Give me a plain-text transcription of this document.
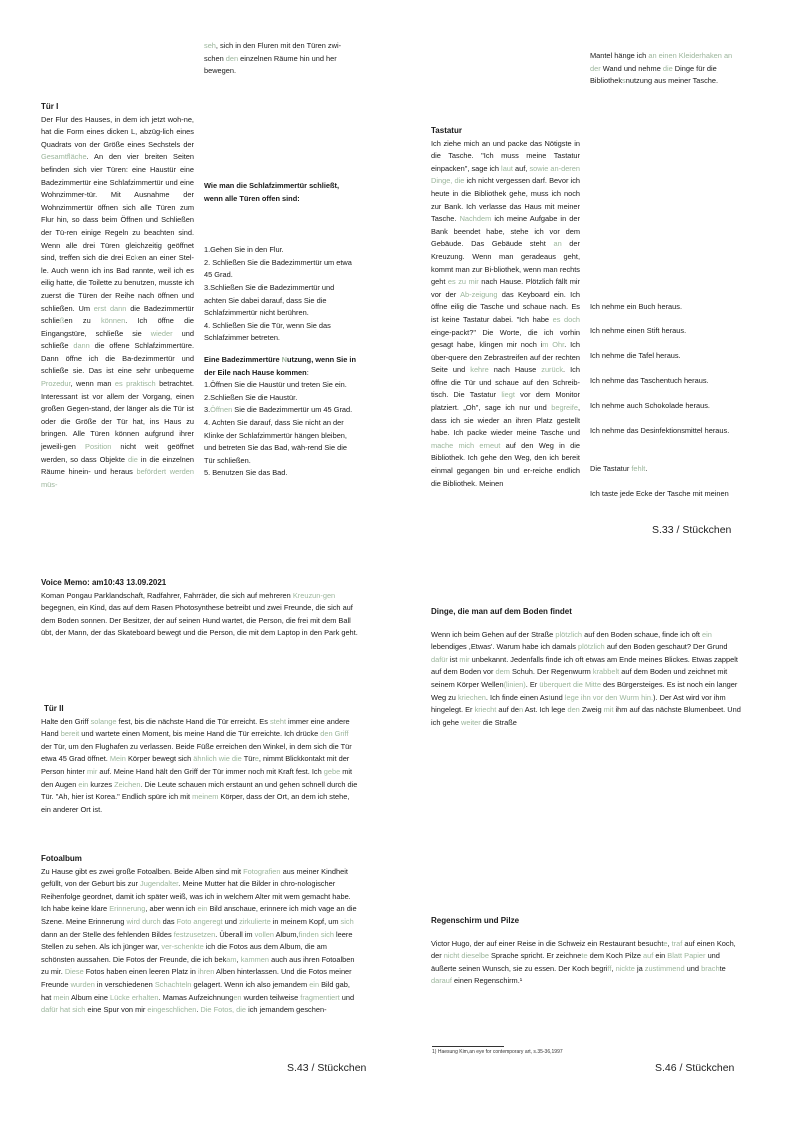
seh, sich in den Fluren mit den Türen zwi-schen den einzelnen Räume hin und her bewegen.
Tür I

Der Flur des Hauses, in dem ich jetzt woh-ne, hat die Form eines dicken L, abzüg-lich eines Quadrats von der Größe eines Sechstels der Gesamtfläche. An den vier breiten Seiten befinden sich vier Türen: eine Haustür eine Badezimmertür eine Schlafzimmertür und eine Wohnzimmer-tür. Mit Ausnahme der Wohnzimmertür öffnen sich alle Türen zum Flur hin, so dass beim Öffnen und Schließen der Tü-ren einige Regeln zu beachten sind. Wenn alle drei Türen gleichzeitig geöffnet sind, treffen sich die drei Ecken an einer Stel-le. Auch wenn ich ins Bad rannte, weil ich es eilig hatte, die Toilette zu benutzen, musste ich zuerst die Türen der Reihe nach öffnen und schließen. Um erst dann die Badezimmertür schließen zu können. Ich öffne die Eingangstüre, schließe sie wieder und schließe dann die offene Schlafzimmertüre. Dann öffne ich die Ba-dezimmertür und schließe sie. Das ist eine sehr unbequeme Prozedur, wenn man es praktisch betrachtet. Interessant ist vor allem der Vorgang, einen großen Gegen-stand, der länger als die Tür ist oder die Größe der Tür hat, ins Haus zu bringen. Alle Türen können aufgrund ihrer jeweili-gen Position nicht weit geöffnet werden, so dass Objekte die in die einzelnen Räume hinein- und heraus befördert werden müs-

Wie man die Schlafzimmertür schließt, wenn alle Türen offen sind:

1.Gehen Sie in den Flur.
2. Schließen Sie die Badezimmertür um etwa 45 Grad.
3.Schließen Sie die Badezimmertür und achten Sie dabei darauf, dass Sie die Schlafzimmertür nicht berühren.
4. Schließen Sie die Tür, wenn Sie das Schlafzimmer betreten.

Eine Badezimmertüre Nutzung, wenn Sie in der Eile nach Hause kommen:

1.Öffnen Sie die Haustür und treten Sie ein.
2.Schließen Sie die Haustür.
3.Öffnen Sie die Badezimmertür um 45 Grad.
4. Achten Sie darauf, dass Sie nicht an der Klinke der Schlafzimmertür hängen bleiben, und betreten Sie das Bad, wäh-rend Sie die Tür schließen.
5. Benutzen Sie das Bad.
Mantel hänge ich an einen Kleiderhaken an der Wand und nehme die Dinge für die Bibliotheksnutzung aus meiner Tasche.
Tastatur

Ich ziehe mich an und packe das Nötigste in die Tasche. "Ich muss meine Tastatur einpacken", sage ich laut auf, sowie an-deren Dinge, die ich nicht vergessen darf. Bevor ich heute in die Bibliothek gehe, muss ich noch zur Bank. Ich verlasse das Haus mit meiner Tasche. Nachdem ich meine Aufgabe in der Bank beendet habe, stehe ich vor dem Gebäude. Das Gebäude steht an der Kreuzung. Wenn man geradeaus geht, kommt man zur Bi-bliothek, wenn man rechts geht es zu mir nach Hause. Plötzlich fällt mir vor der Ab-zeigung das Keyboard ein. Ich öffne eilig die Tasche und schaue nach. Es ist keine Tastatur dabei. "Ich habe es doch einge-packt?" Die Worte, die ich vorhin gesagt habe, klingen mir noch im Ohr. Ich über-quere den Zebrastreifen auf der rechten Seite und kehre nach Hause zurück. Ich öffne die Tür und schaue auf den Schreib-tisch. Die Tastatur liegt vor dem Monitor platziert. „Oh", sage ich nur und begreife, dass ich sie wieder an ihren Platz gestellt habe. Ich packe wieder meine Tasche und mache mich erneut auf den Weg in die Bibliothek. Ich gehe den Weg, den ich bereit einmal gegangen bin und er-reiche endlich die Bibliothek. Meinen

Ich nehme ein Buch heraus.
Ich nehme einen Stift heraus.
Ich nehme die Tafel heraus.
Ich nehme das Taschentuch heraus.
Ich nehme auch Schokolade heraus.
Ich nehme das Desinfektionsmittel heraus.
Die Tastatur fehlt.
Ich taste jede Ecke der Tasche mit meinen
S.33 / Stückchen
Voice Memo: am10:43 13.09.2021

Koman Pongau Parklandschaft, Radfahrer, Fahrräder, die sich auf mehreren Kreuzun-gen begegnen, ein Kind, das auf dem Rasen Photosynthese betreibt und zwei Freunde, die sich auf dem Boden sonnen. Der Besitzer, der auf seinen Hund wartet, die Person, die frei mit dem Ball übt, der Mann, der das Skateboard bewegt und die Person, die mit dem Laptop in den Park geht.

Tür II

Halte den Griff solange fest, bis die nächste Hand die Tür erreicht. Es steht immer eine andere Hand bereit und wartete einen Moment, bis meine Hand die Tür erreichte. Ich drücke den Griff der Tür, um den Flughafen zu verlassen. Beide Füße erreichen den Winkel, in dem sich die Tür etwa 45 Grad öffnet. Mein Körper bewegt sich ähnlich wie die Türe, nimmt Blickkontakt mit der Person hinter mir auf. Meine Hand hält den Griff der Tür immer noch mit Kraft fest. Ich gebe mit den Augen ein kurzes Zeichen. Die Leute schauen mich erstaunt an und gehen schnell durch die Tür. "Ah, hier ist Korea." Endlich spüre ich mit meinem Körper, dass der Ort, an dem ich stehe, ein anderer Ort ist.

Fotoalbum

Zu Hause gibt es zwei große Fotoalben. Beide Alben sind mit Fotografien aus meiner Kindheit gefüllt, von der Geburt bis zur Jugendalter. Meine Mutter hat die Bilder in chro-nologischer Reihenfolge geordnet, damit ich später weiß, was ich in welchem Alter mit wem gemacht habe. Ich habe keine klare Erinnerung, aber wenn ich ein Bild anschaue, erinnere ich mich vage an die Szene. Meine Erinnerung wird durch das Foto angeregt und zirkulierte in meinem Kopf, um sich dann an der Stelle des fehlenden Bildes festzusetzen. Überall im vollen Album,finden sich leere Stellen zu sehen. Als ich jünger war, ver-schenkte ich die Fotos aus dem Album, die am schönsten aussahen. Die Fotos der Freunde, die ich bekam, kammen auch aus ihren Fotoalben zu mir. Diese Fotos haben einen leeren Platz in ihren Alben hinterlassen. Und die Fotos meiner Freunde wurden in verschiedenen Schachteln gelagert. Wenn ich also jemandem ein Bild gab, hat mein Album eine Lücke erhalten. Mamas Aufzeichnungen wurden teilweise fragmentiert und dafür hat sich eine Spur von mir eingeschlichen. Die Fotos, die ich jemandem geschen-

S.43 / Stückchen
Dinge, die man auf dem Boden findet

Wenn ich beim Gehen auf der Straße plötzlich auf den Boden schaue, finde ich oft ein lebendiges ,Etwas'. Warum habe ich damals plötzlich auf den Boden geschaut? Der Grund dafür ist mir unbekannt. Jedenfalls finde ich oft etwas am Ende meines Blickes. Etwas zappelt auf dem Boden vor dem Schuh. Der Regenwurm krabbelt auf dem Boden und zeichnet mit seinem Körper Wellen(linien). Er überquert die Mitte des Bürgersteiges. Es ist noch ein langer Weg zu kriechen. Ich finde einen Astund lege ihn vor den Wurm hin.). Der Ast wird vor ihm hingelegt. Er kriecht auf den Ast. Ich lege den Zweig mit ihm auf das nächste Blumenbeet. Und ich gehe weiter die Straße

Regenschirm und Pilze

Victor Hugo, der auf einer Reise in die Schweiz ein Restaurant besuchte, traf auf einen Koch, der nicht dieselbe Sprache spricht. Er zeichnete dem Koch Pilze auf ein Blatt Papier und äußerte seinen Wunsch, sie zu essen. Der Koch begriff, nickte ja zustimmend und brachte darauf einen Regenschirm.¹

1) Haesung Kim,an eye for contemporary art, s.35-36,1997
S.46 / Stückchen
